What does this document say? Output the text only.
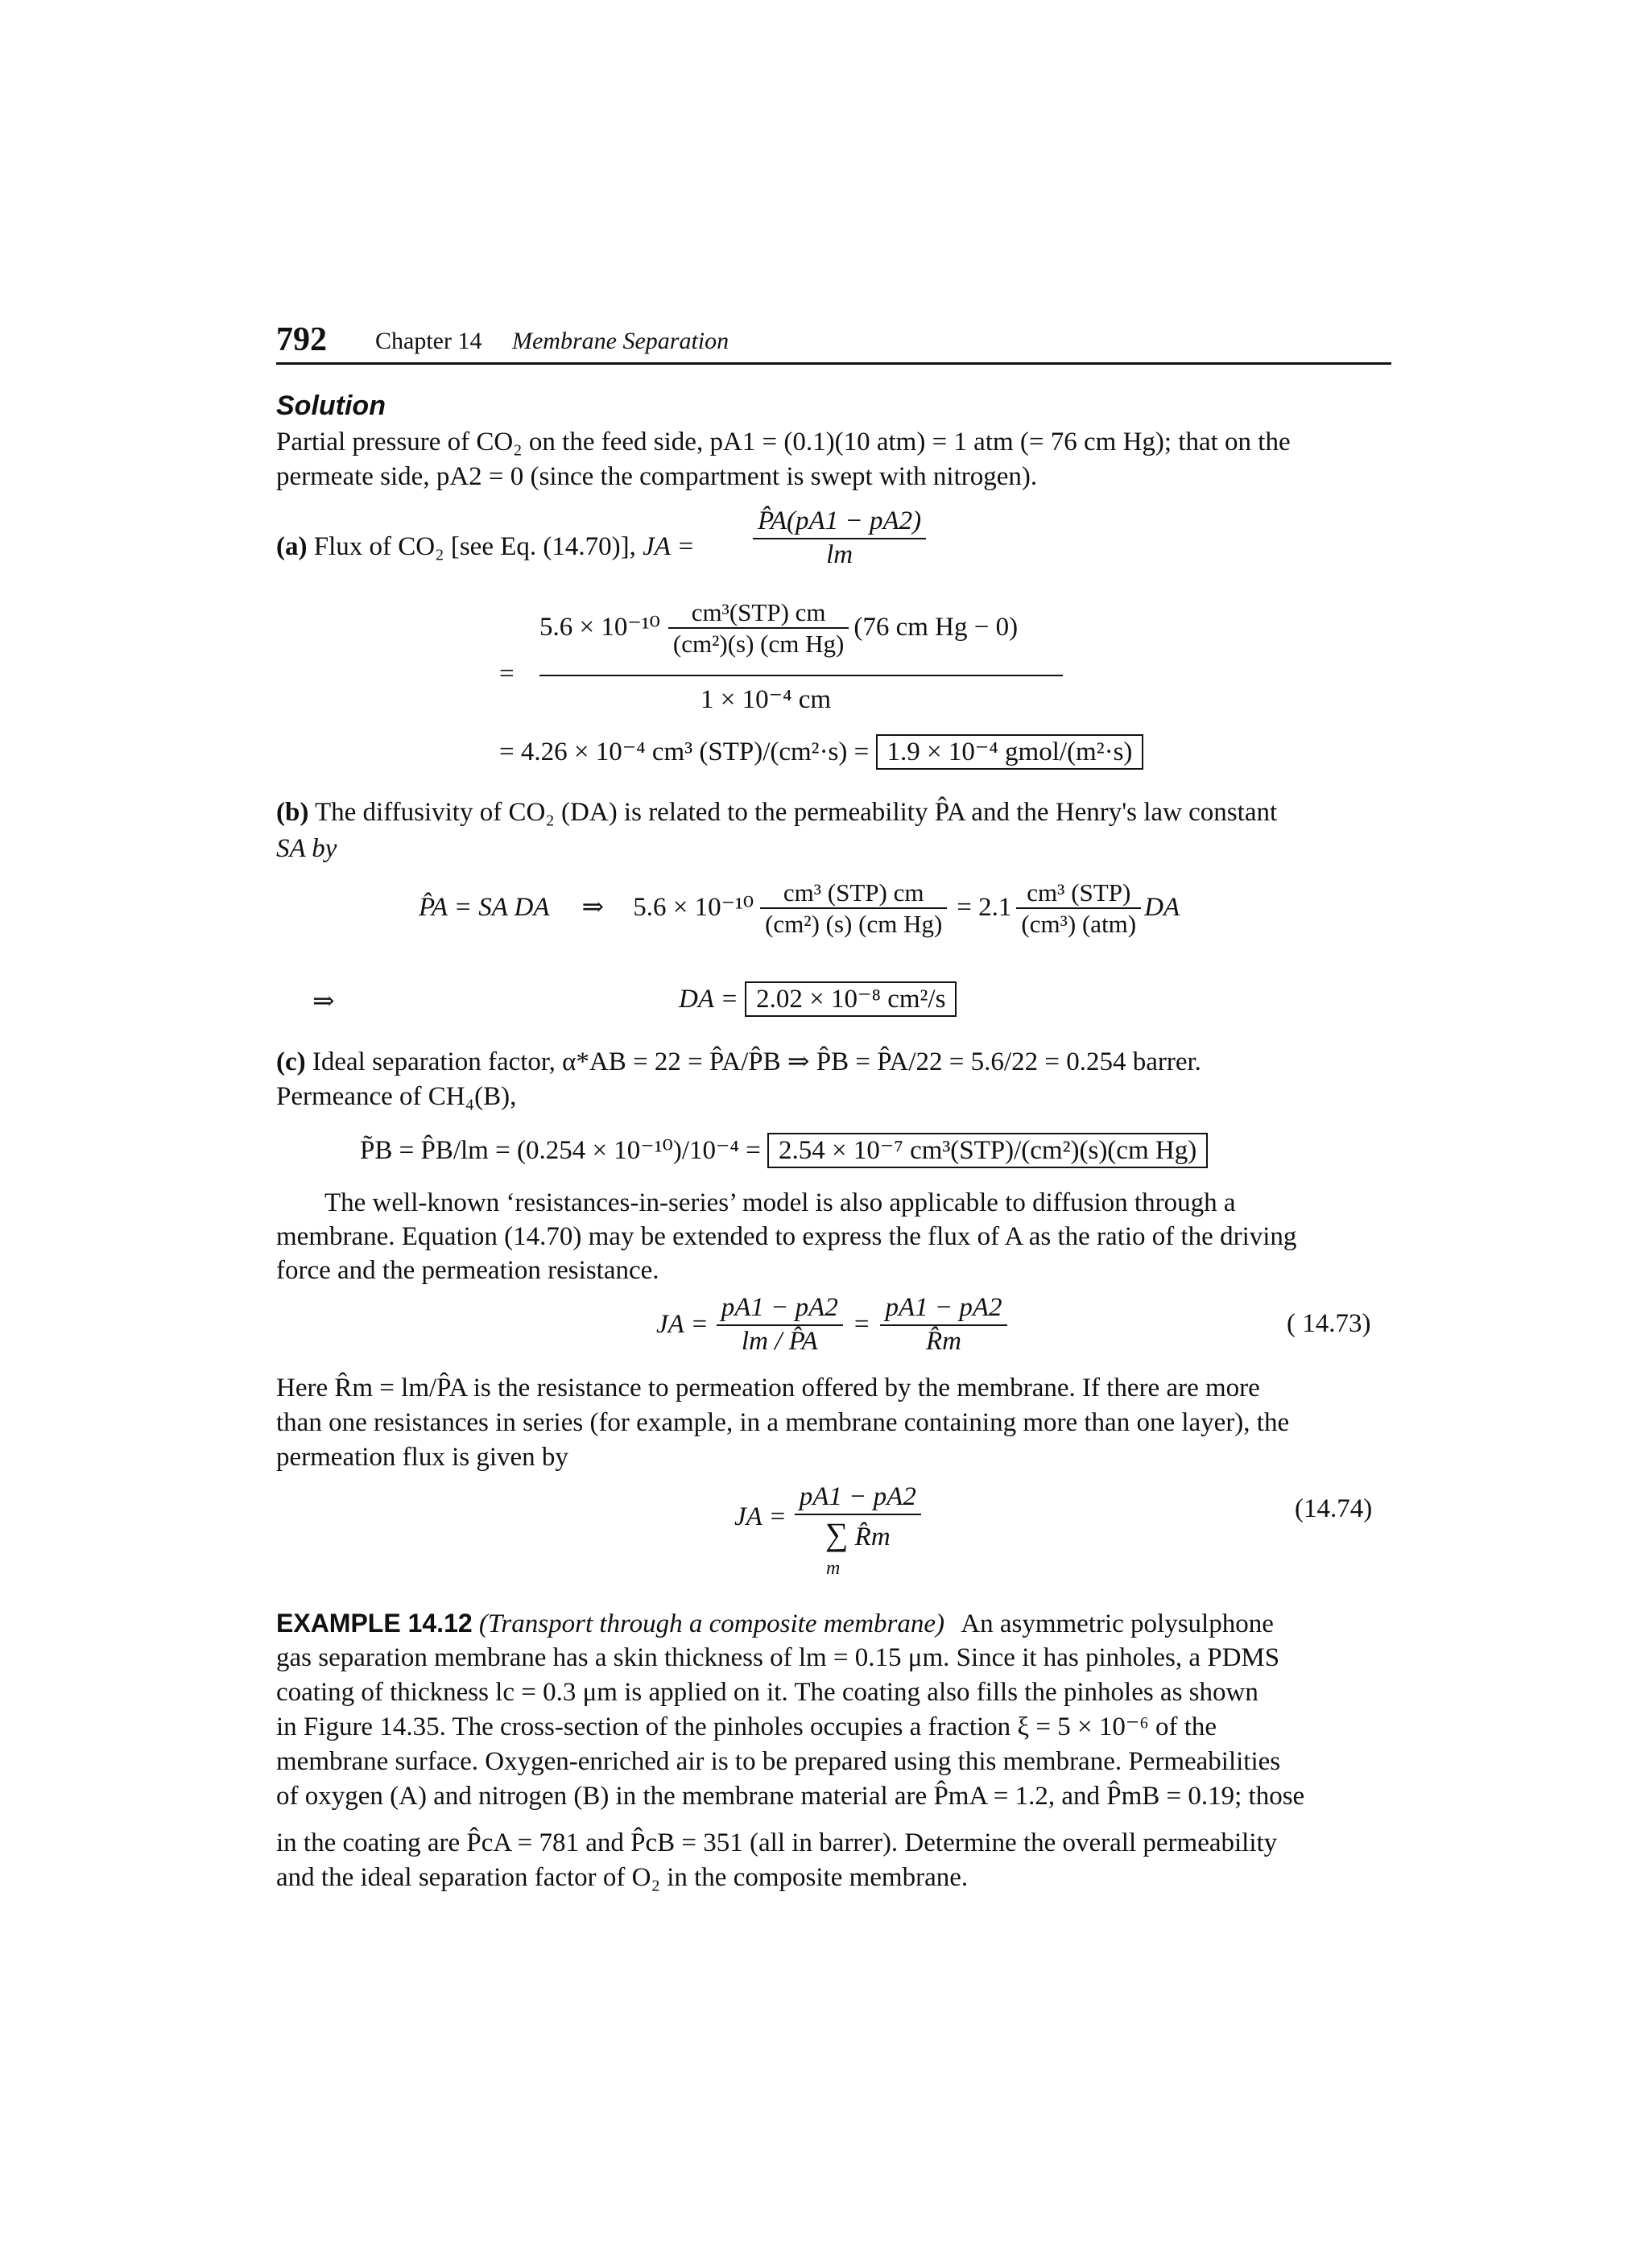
792 Chapter 14 Membrane Separation
Solution
Partial pressure of CO₂ on the feed side, pA1 = (0.1)(10 atm) = 1 atm (= 76 cm Hg); that on the
permeate side, pA2 = 0 (since the compartment is swept with nitrogen).
(a) Flux of CO₂ [see Eq. (14.70)], JA = $\frac{P̂A(pA1 - pA2)}{lm}$
=
$5.6 \times 10^{-10} \frac{\text{cm³(STP) cm}}{\text{(cm²)(s) (cm Hg)}} (76$ cm Hg − 0)
1 × 10⁻⁴ cm
= 4.26 × 10⁻⁴ cm³ (STP)/(cm²·s) = 1.9 × 10⁻⁴ gmol/(m²·s)
(b) The diffusivity of CO₂ (DA) is related to the permeability P̂A and the Henry's law constant
SA by
P̂A = SA DA ⇒ $5.6 \times 10^{-10} \frac{\text{cm³ (STP) cm}}{\text{(cm²) (s) (cm Hg)}} = 2.1 \frac{\text{cm³ (STP)}}{\text{(cm³) (atm)}}$ DA
⇒	DA = 2.02 × 10⁻⁸ cm²/s
(c) Ideal separation factor, α*AB = 22 = P̂A/P̂B ⇒ P̂B = P̂A/22 = 5.6/22 = 0.254 barrer.
Permeance of CH₄(B),
P̃B = P̂B/lm = (0.254 × 10⁻¹⁰)/10⁻⁴ = 2.54 × 10⁻⁷ cm³(STP)/(cm²)(s)(cm Hg)
The well-known ‘resistances-in-series’ model is also applicable to diffusion through a
membrane. Equation (14.70) may be extended to express the flux of A as the ratio of the driving
force and the permeation resistance.
JA = $\frac{pA1 - pA2}{lm / P̂A} = \frac{pA1 - pA2}{R̂m}$	( 14.73)
Here R̂m = lm/P̂A is the resistance to permeation offered by the membrane. If there are more
than one resistances in series (for example, in a membrane containing more than one layer), the
permeation flux is given by
JA = $\frac{pA1 - pA2}{\sum R̂m}$
m
(14.74)
EXAMPLE 14.12 (Transport through a composite membrane) An asymmetric polysulphone
gas separation membrane has a skin thickness of lm = 0.15 μm. Since it has pinholes, a PDMS
coating of thickness lc = 0.3 μm is applied on it. The coating also fills the pinholes as shown
in Figure 14.35. The cross-section of the pinholes occupies a fraction ξ = 5 × 10⁻⁶ of the
membrane surface. Oxygen-enriched air is to be prepared using this membrane. Permeabilities
of oxygen (A) and nitrogen (B) in the membrane material are P̂mA = 1.2, and P̂mB = 0.19; those
in the coating are P̂cA = 781 and P̂cB = 351 (all in barrer). Determine the overall permeability
and the ideal separation factor of O₂ in the composite membrane.
